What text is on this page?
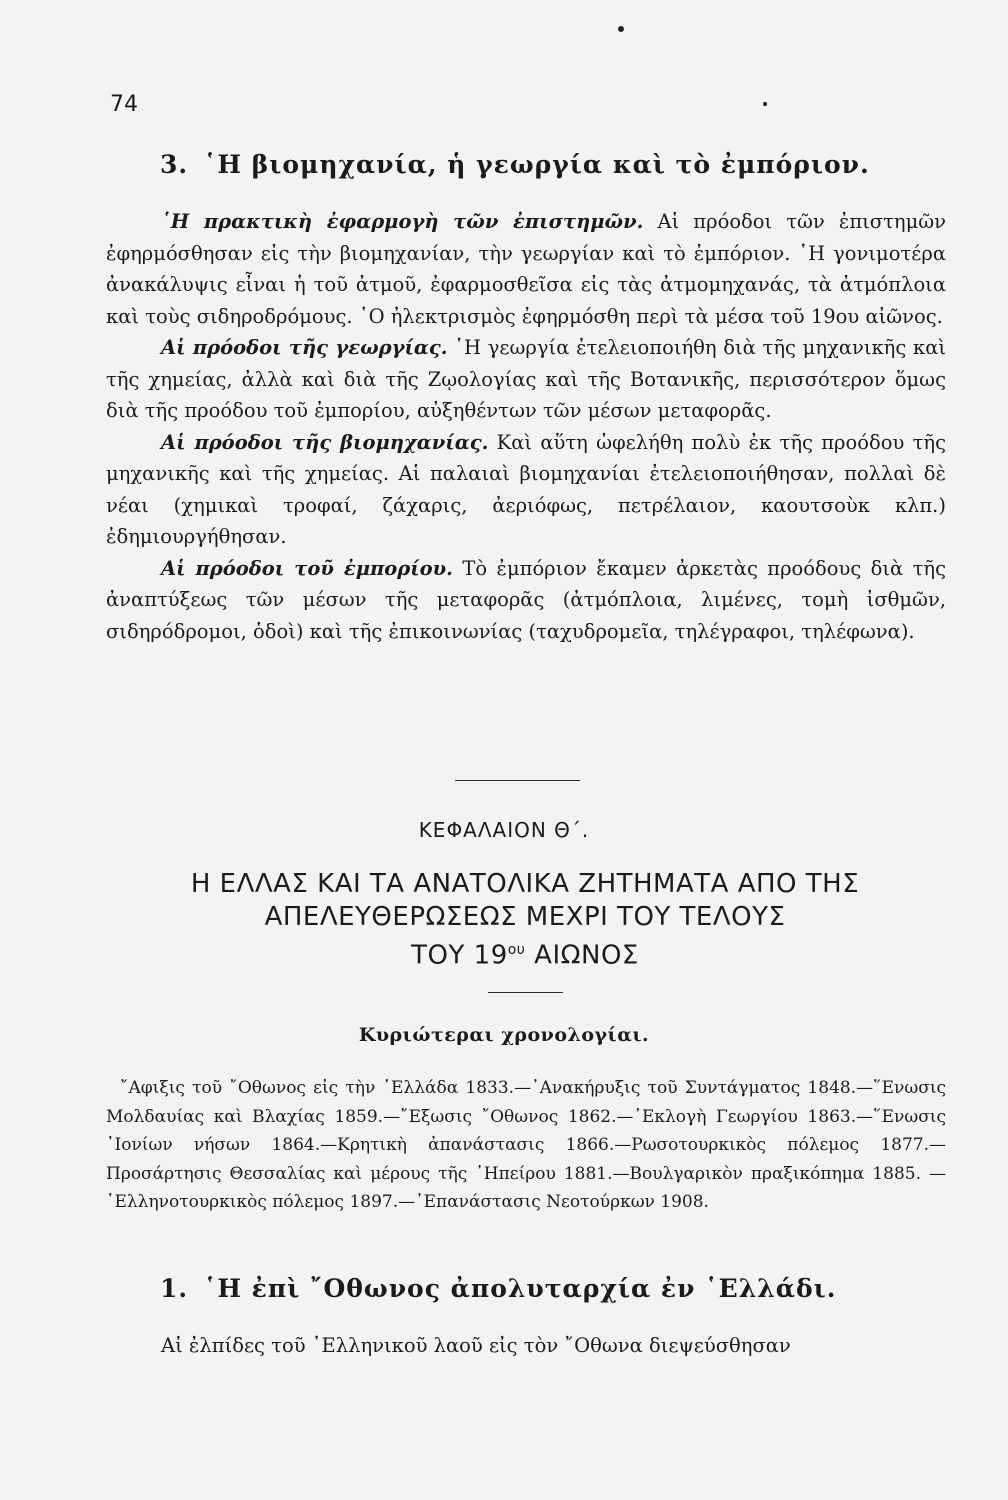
74
3. ῾Η βιομηχανία, ἡ γεωργία καὶ τὸ ἐμπόριον.

῾Η πρακτικὴ ἐφαρμογὴ τῶν ἐπιστημῶν. Αἱ πρόοδοι τῶν ἐπιστημῶν ἐφηρμόσθησαν εἰς τὴν βιομηχανίαν, τὴν γεωργίαν καὶ τὸ ἐμπόριον. ῾Η γονιμοτέρα ἀνακάλυψις εἶναι ἡ τοῦ ἀτμοῦ, ἐφαρμοσθεῖσα εἰς τὰς ἀτμομηχανάς, τὰ ἀτμόπλοια καὶ τοὺς σιδηροδρόμους. ῾Ο ἠλεκτρισμὸς ἐφηρμόσθη περὶ τὰ μέσα τοῦ 19ου αἰῶνος.

Αἱ πρόοδοι τῆς γεωργίας. ῾Η γεωργία ἐτελειοποιήθη διὰ τῆς μηχανικῆς καὶ τῆς χημείας, ἀλλὰ καὶ διὰ τῆς Ζῳολογίας καὶ τῆς Βοτανικῆς, περισσότερον ὅμως διὰ τῆς προόδου τοῦ ἐμπορίου, αὐξηθέντων τῶν μέσων μεταφορᾶς.

Αἱ πρόοδοι τῆς βιομηχανίας. Καὶ αὕτη ὠφελήθη πολὺ ἐκ τῆς προόδου τῆς μηχανικῆς καὶ τῆς χημείας. Αἱ παλαιαὶ βιομηχανίαι ἐτελειοποιήθησαν, πολλαὶ δὲ νέαι (χημικαὶ τροφαί, ζάχαρις, ἀεριόφως, πετρέλαιον, καουτσοὺκ κλπ.) ἐδημιουργήθησαν.

Αἱ πρόοδοι τοῦ ἐμπορίου. Τὸ ἐμπόριον ἔκαμεν ἀρκετὰς προόδους διὰ τῆς ἀναπτύξεως τῶν μέσων τῆς μεταφορᾶς (ἀτμόπλοια, λιμένες, τομὴ ἰσθμῶν, σιδηρόδρομοι, ὁδοὶ) καὶ τῆς ἐπικοινωνίας (ταχυδρομεῖα, τηλέγραφοι, τηλέφωνα).

ΚΕΦΑΛΑΙΟΝ Θ΄.
Η ΕΛΛΑΣ ΚΑΙ ΤΑ ΑΝΑΤΟΛΙΚΑ ΖΗΤΗΜΑΤΑ ΑΠΟ ΤΗΣ
ΑΠΕΛΕΥΘΕΡΩΣΕΩΣ ΜΕΧΡΙ ΤΟΥ ΤΕΛΟΥΣ
ΤΟΥ $19^{o\upsilon}$ ΑΙΩΝΟΣ
Κυριώτεραι χρονολογίαι.
῎Αφιξις τοῦ ῎Οθωνος εἰς τὴν ῾Ελλάδα 1833.—᾿Ανακήρυξις τοῦ Συντάγματος 1848.—῞Ενωσις Μολδαυίας καὶ Βλαχίας 1859.—῎Εξωσις ῎Οθωνος 1862.—᾿Εκλογὴ Γεωργίου 1863.—῞Ενωσις ᾿Ιονίων νήσων 1864.—Κρητικὴ ἀπανάστασις 1866.—Ρωσοτουρκικὸς πόλεμος 1877.—Προσάρτησις Θεσσαλίας καὶ μέρους τῆς ᾿Ηπείρου 1881.—Βουλγαρικὸν πραξικόπημα 1885. —῾Ελληνοτουρκικὸς πόλεμος 1897.—᾿Επανάστασις Νεοτούρκων 1908.
1. ῾Η ἐπὶ ῎Οθωνος ἀπολυταρχία ἐν ῾Ελλάδι.
Αἱ ἐλπίδες τοῦ ῾Ελληνικοῦ λαοῦ εἰς τὸν ῎Οθωνα διεψεύσθησαν
